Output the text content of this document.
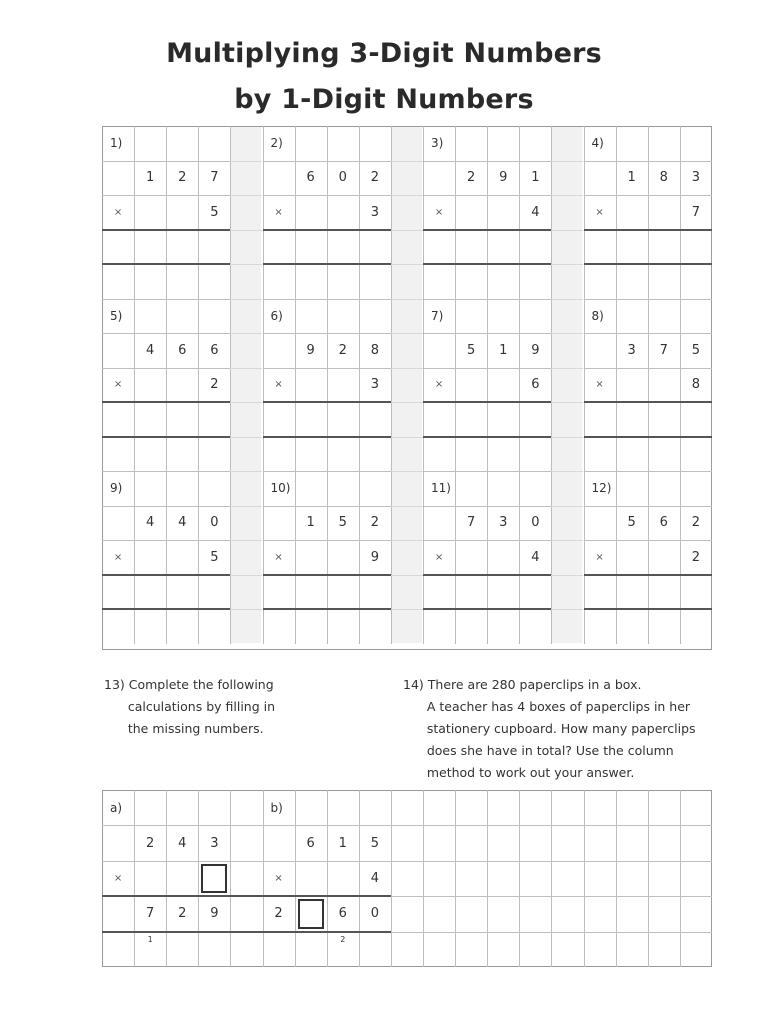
Multiplying 3-Digit Numbers
by 1-Digit Numbers
13) Complete the following
calculations by filling in
the missing numbers.
14) There are 280 paperclips in a box.
A teacher has 4 boxes of paperclips in her
stationery cupboard. How many paperclips
does she have in total? Use the column
method to work out your answer.
1)
1	2	7
×	5
2)
6	0	2
×	3
3)
2	9	1
×	4
4)
1	8	3
×	7
5)
4	6	6
×	2
6)
9	2	8
×	3
7)
5	1	9
×	6
8)
3	7	5
×	8
9)
4	4	0
×	5
10)
1	5	2
×	9
11)
7	3	0
×	4
12)
5	6	2
×	2
a)
2	4	3
×
7	2	9
1
b)
6	1	5
×	4
2	6	0
2
